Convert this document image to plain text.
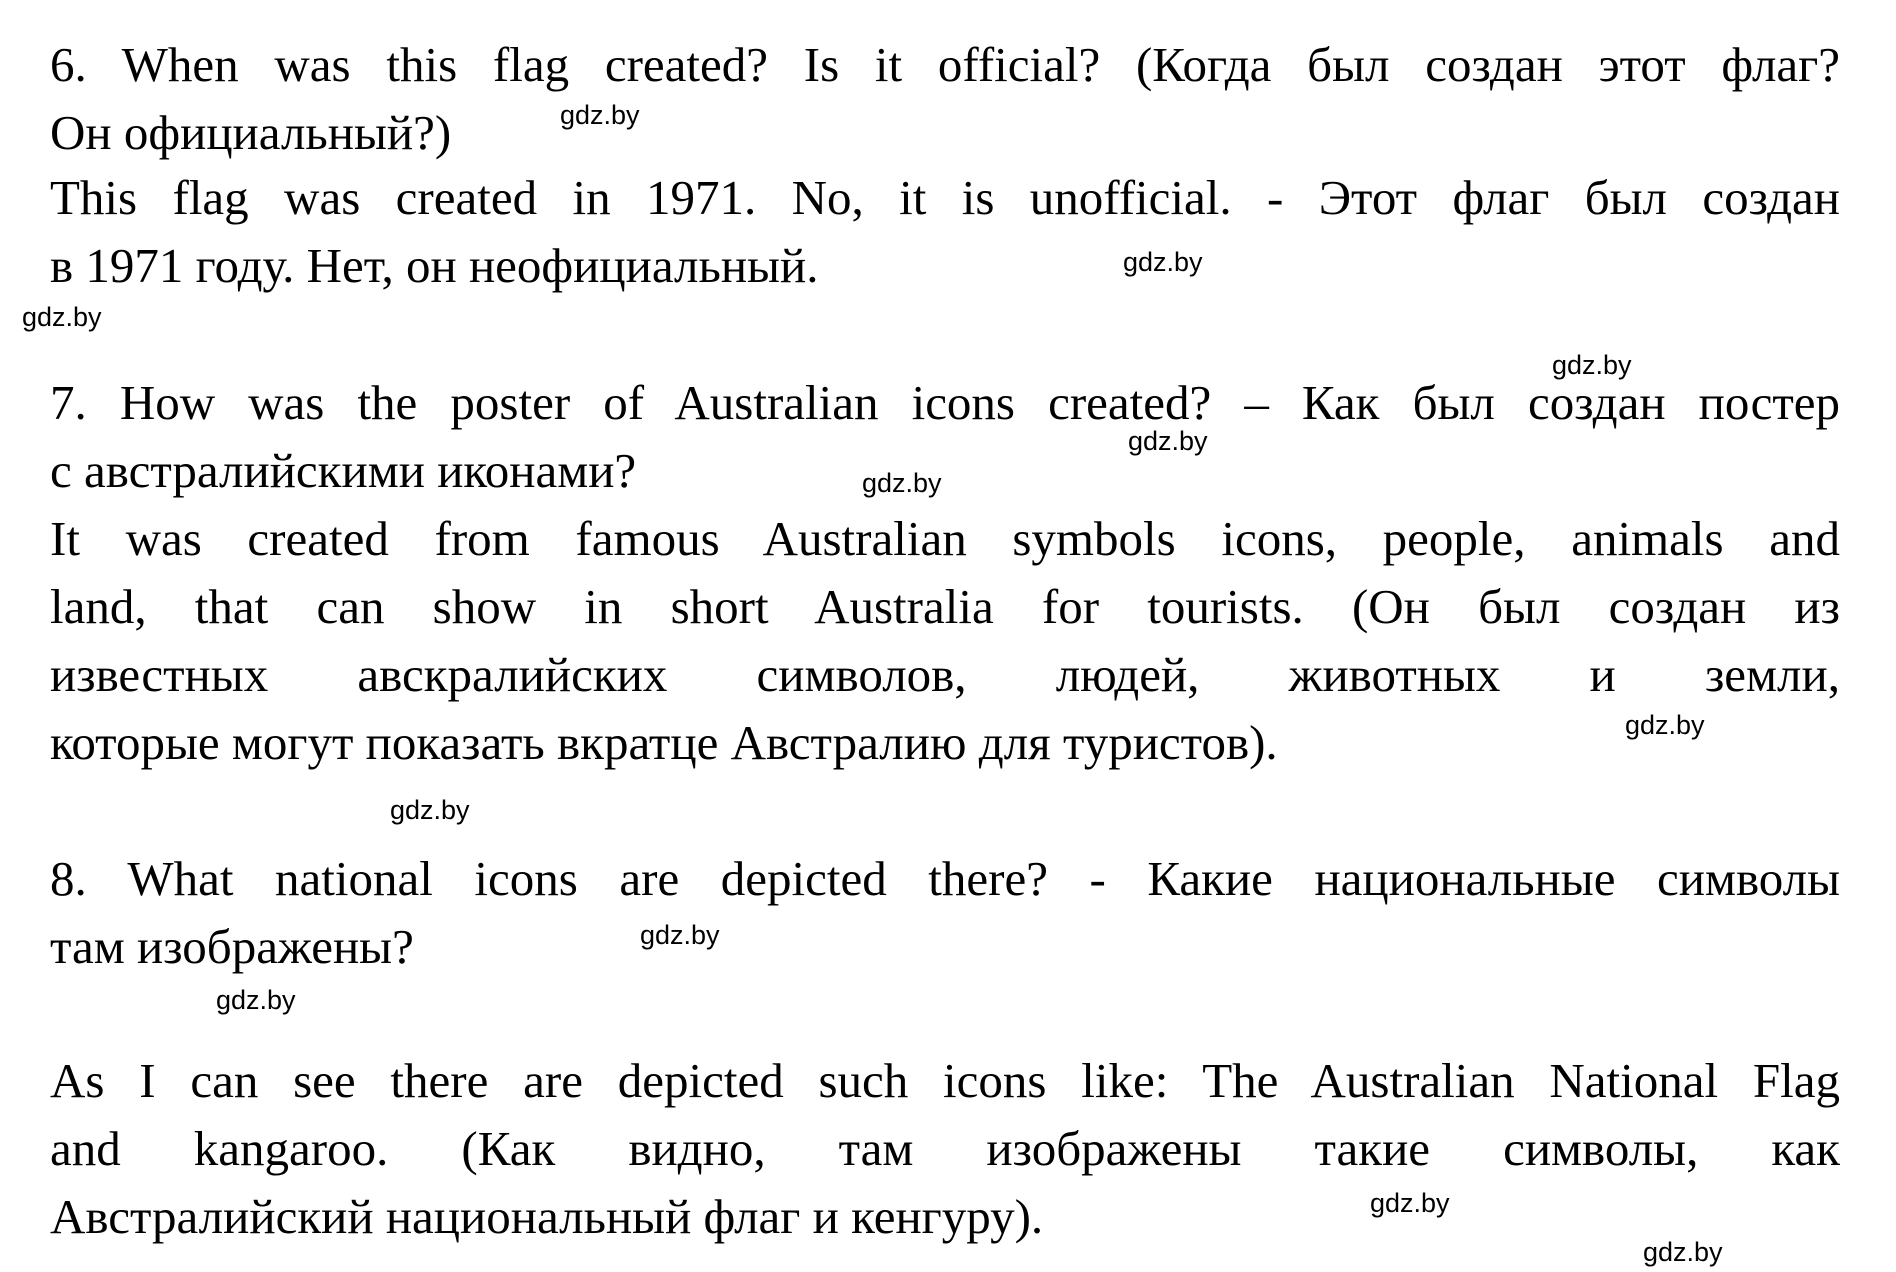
6. When was this flag created? Is it official? (Когда был создан этот флаг?
Он официальный?)
This flag was created in 1971. No, it is unofficial. - Этот флаг был создан
в 1971 году. Нет, он неофициальный.
7. How was the poster of Australian icons created? – Как был создан постер
с австралийскими иконами?
It was created from famous Australian symbols icons, people, animals and
land, that can show in short Australia for tourists. (Он был создан из
известных авскралийских символов, людей, животных и земли,
которые могут показать вкратце Австралию для туристов).
8. What national icons are depicted there? - Какие национальные символы
там изображены?
As I can see there are depicted such icons like: The Australian National Flag
and kangaroo. (Как видно, там изображены такие символы, как
Австралийский национальный флаг и кенгуру).
gdz.by
gdz.by
gdz.by
gdz.by
gdz.by
gdz.by
gdz.by
gdz.by
gdz.by
gdz.by
gdz.by
gdz.by
